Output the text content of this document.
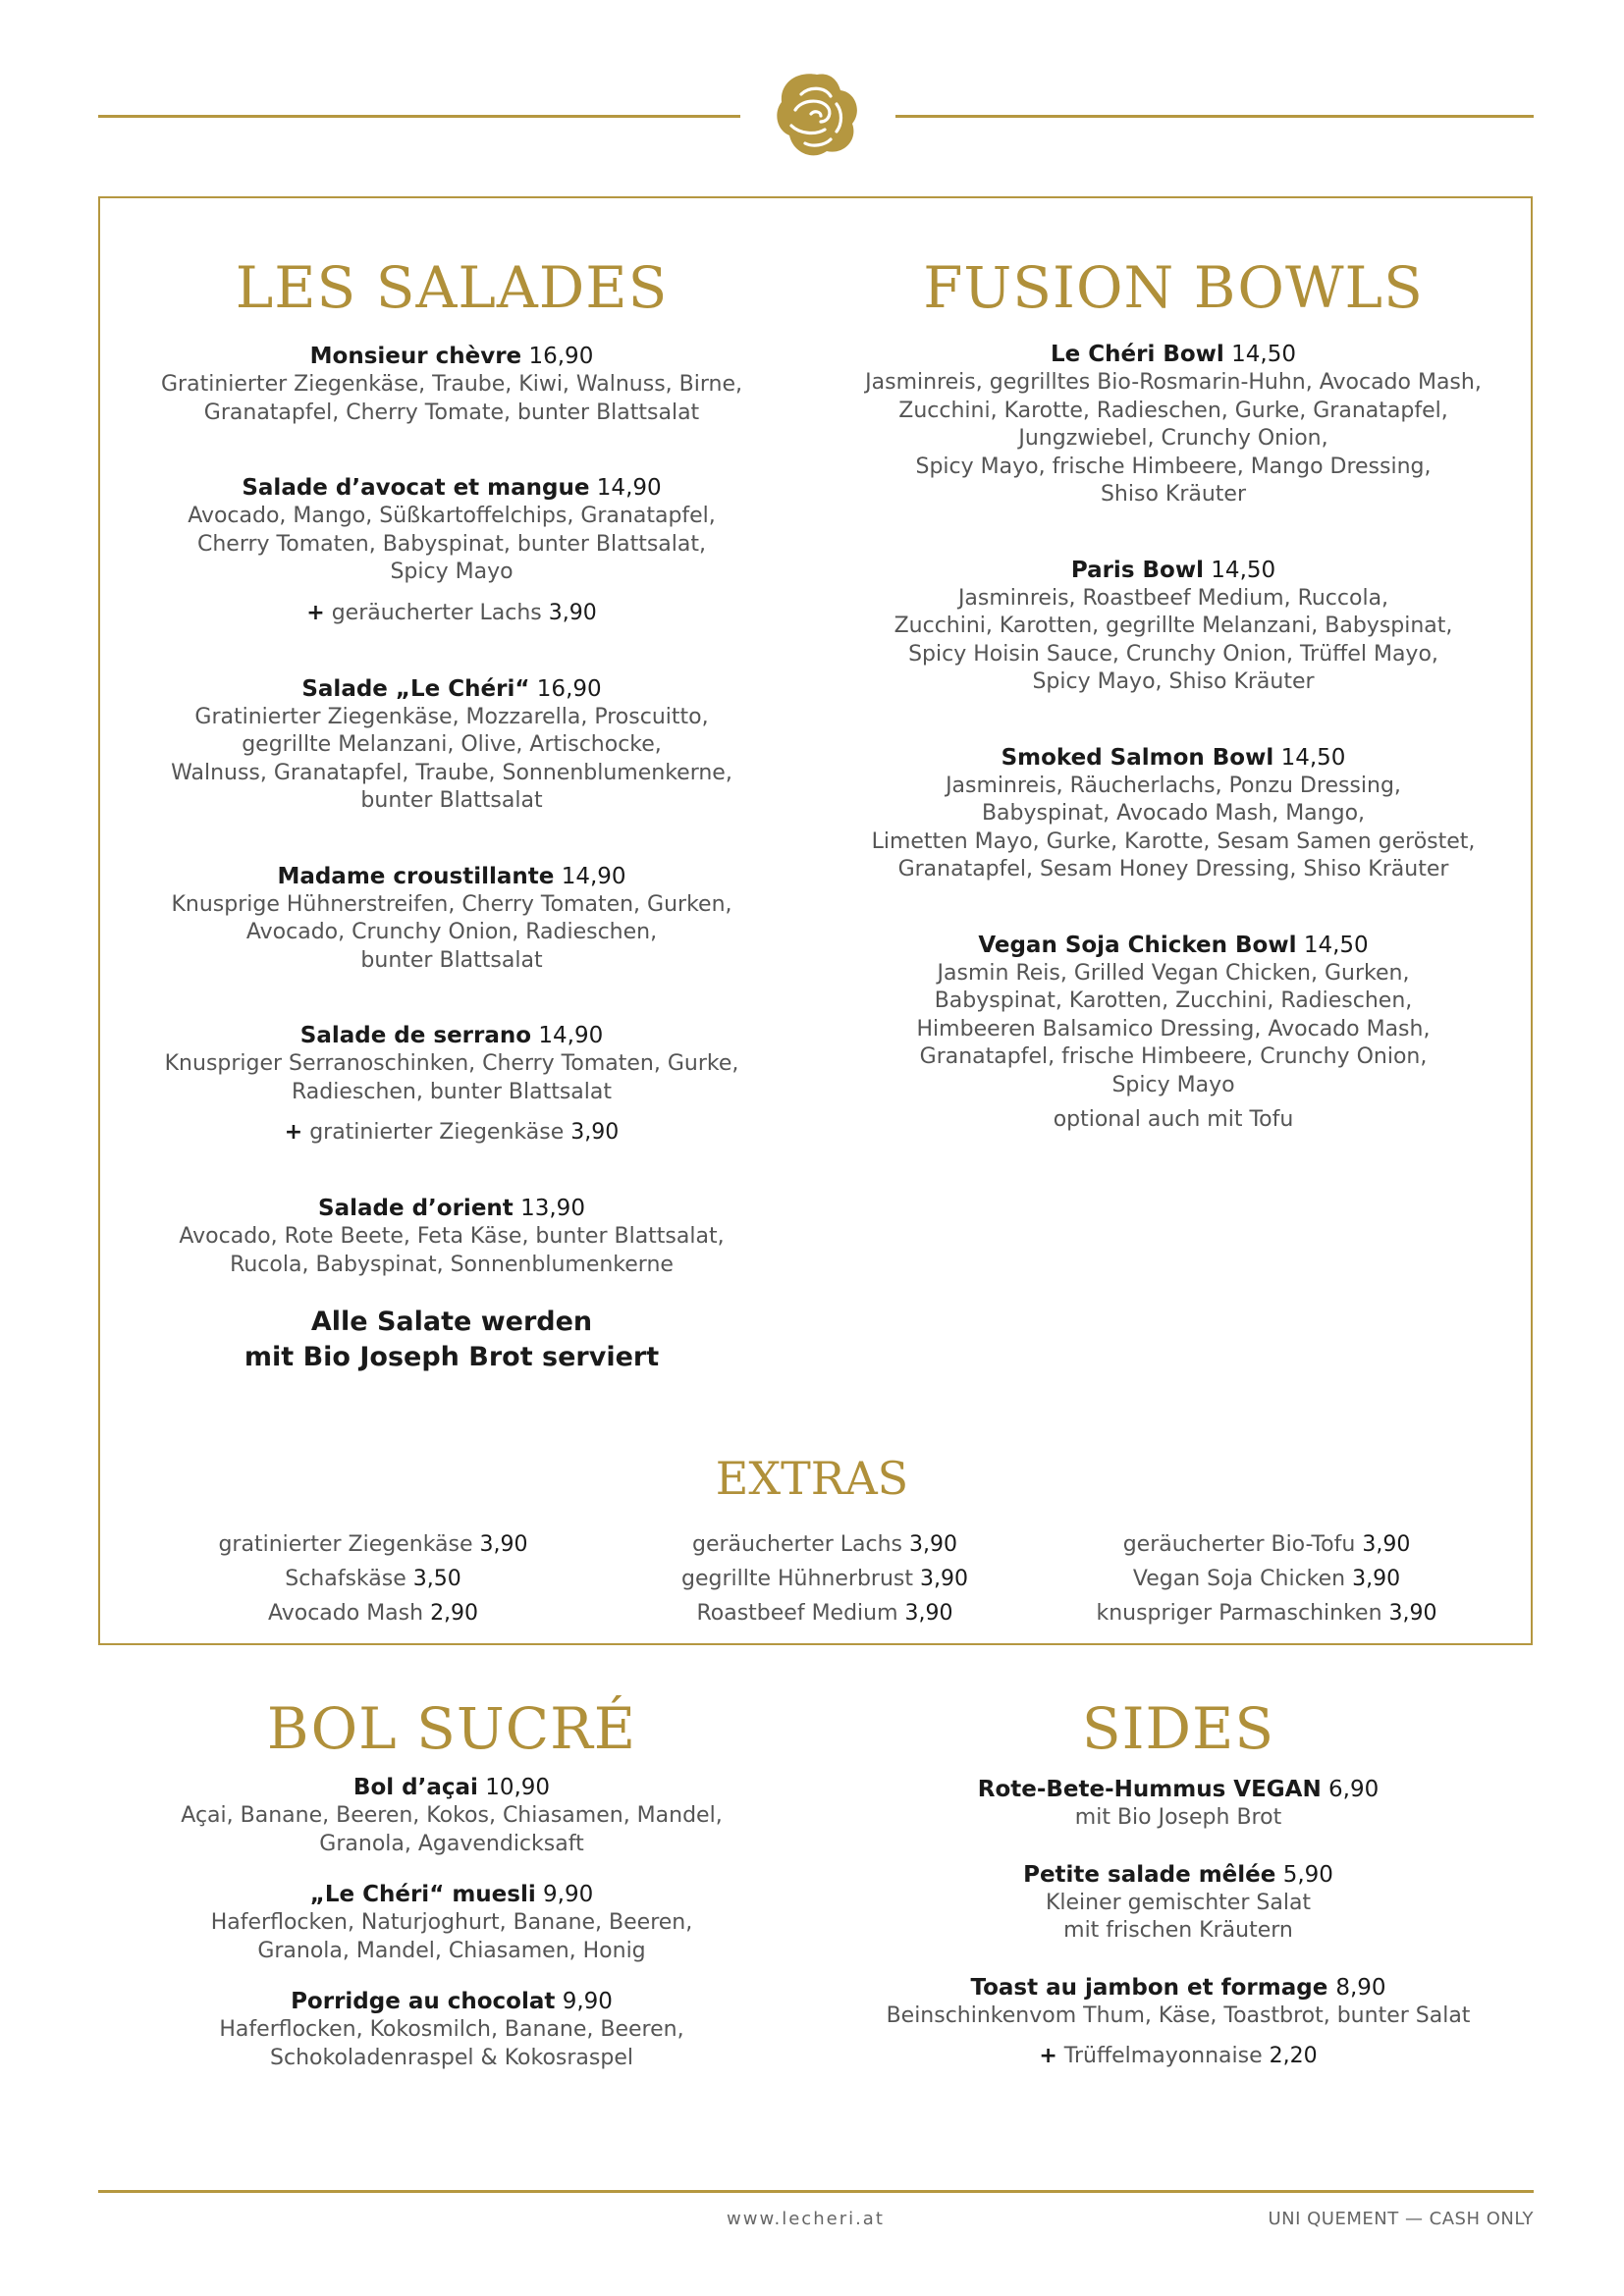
LES SALADES
Monsieur chèvre 16,90
Gratinierter Ziegenkäse, Traube, Kiwi, Walnuss, Birne,
Granatapfel, Cherry Tomate, bunter Blattsalat
Salade d’avocat et mangue 14,90
Avocado, Mango, Süßkartoffelchips, Granatapfel,
Cherry Tomaten, Babyspinat, bunter Blattsalat,
Spicy Mayo
+ geräucherter Lachs 3,90
Salade „Le Chéri“ 16,90
Gratinierter Ziegenkäse, Mozzarella, Proscuitto,
gegrillte Melanzani, Olive, Artischocke,
Walnuss, Granatapfel, Traube, Sonnenblumenkerne,
bunter Blattsalat
Madame croustillante 14,90
Knusprige Hühnerstreifen, Cherry Tomaten, Gurken,
Avocado, Crunchy Onion, Radieschen,
bunter Blattsalat
Salade de serrano 14,90
Knuspriger Serranoschinken, Cherry Tomaten, Gurke,
Radieschen, bunter Blattsalat
+ gratinierter Ziegenkäse 3,90
Salade d’orient 13,90
Avocado, Rote Beete, Feta Käse, bunter Blattsalat,
Rucola, Babyspinat, Sonnenblumenkerne
Alle Salate werden
mit Bio Joseph Brot serviert
FUSION BOWLS
Le Chéri Bowl 14,50
Jasminreis, gegrilltes Bio-Rosmarin-Huhn, Avocado Mash,
Zucchini, Karotte, Radieschen, Gurke, Granatapfel,
Jungzwiebel, Crunchy Onion,
Spicy Mayo, frische Himbeere, Mango Dressing,
Shiso Kräuter
Paris Bowl 14,50
Jasminreis, Roastbeef Medium, Ruccola,
Zucchini, Karotten, gegrillte Melanzani, Babyspinat,
Spicy Hoisin Sauce, Crunchy Onion, Trüffel Mayo,
Spicy Mayo, Shiso Kräuter
Smoked Salmon Bowl 14,50
Jasminreis, Räucherlachs, Ponzu Dressing,
Babyspinat, Avocado Mash, Mango,
Limetten Mayo, Gurke, Karotte, Sesam Samen geröstet,
Granatapfel, Sesam Honey Dressing, Shiso Kräuter
Vegan Soja Chicken Bowl 14,50
Jasmin Reis, Grilled Vegan Chicken, Gurken,
Babyspinat, Karotten, Zucchini, Radieschen,
Himbeeren Balsamico Dressing, Avocado Mash,
Granatapfel, frische Himbeere, Crunchy Onion,
Spicy Mayo
optional auch mit Tofu
EXTRAS
gratinierter Ziegenkäse 3,90
Schafskäse 3,50
Avocado Mash 2,90
geräucherter Lachs 3,90
gegrillte Hühnerbrust 3,90
Roastbeef Medium 3,90
geräucherter Bio-Tofu 3,90
Vegan Soja Chicken 3,90
knuspriger Parmaschinken 3,90
BOL SUCRÉ
Bol d’açai 10,90
Açai, Banane, Beeren, Kokos, Chiasamen, Mandel,
Granola, Agavendicksaft
„Le Chéri“ muesli 9,90
Haferflocken, Naturjoghurt, Banane, Beeren,
Granola, Mandel, Chiasamen, Honig
Porridge au chocolat 9,90
Haferflocken, Kokosmilch, Banane, Beeren,
Schokoladenraspel & Kokosraspel
SIDES
Rote-Bete-Hummus VEGAN 6,90
mit Bio Joseph Brot
Petite salade mêlée 5,90
Kleiner gemischter Salat
mit frischen Kräutern
Toast au jambon et formage 8,90
Beinschinkenvom Thum, Käse, Toastbrot, bunter Salat
+ Trüffelmayonnaise 2,20
www.lecheri.at	UNI QUEMENT — CASH ONLY
